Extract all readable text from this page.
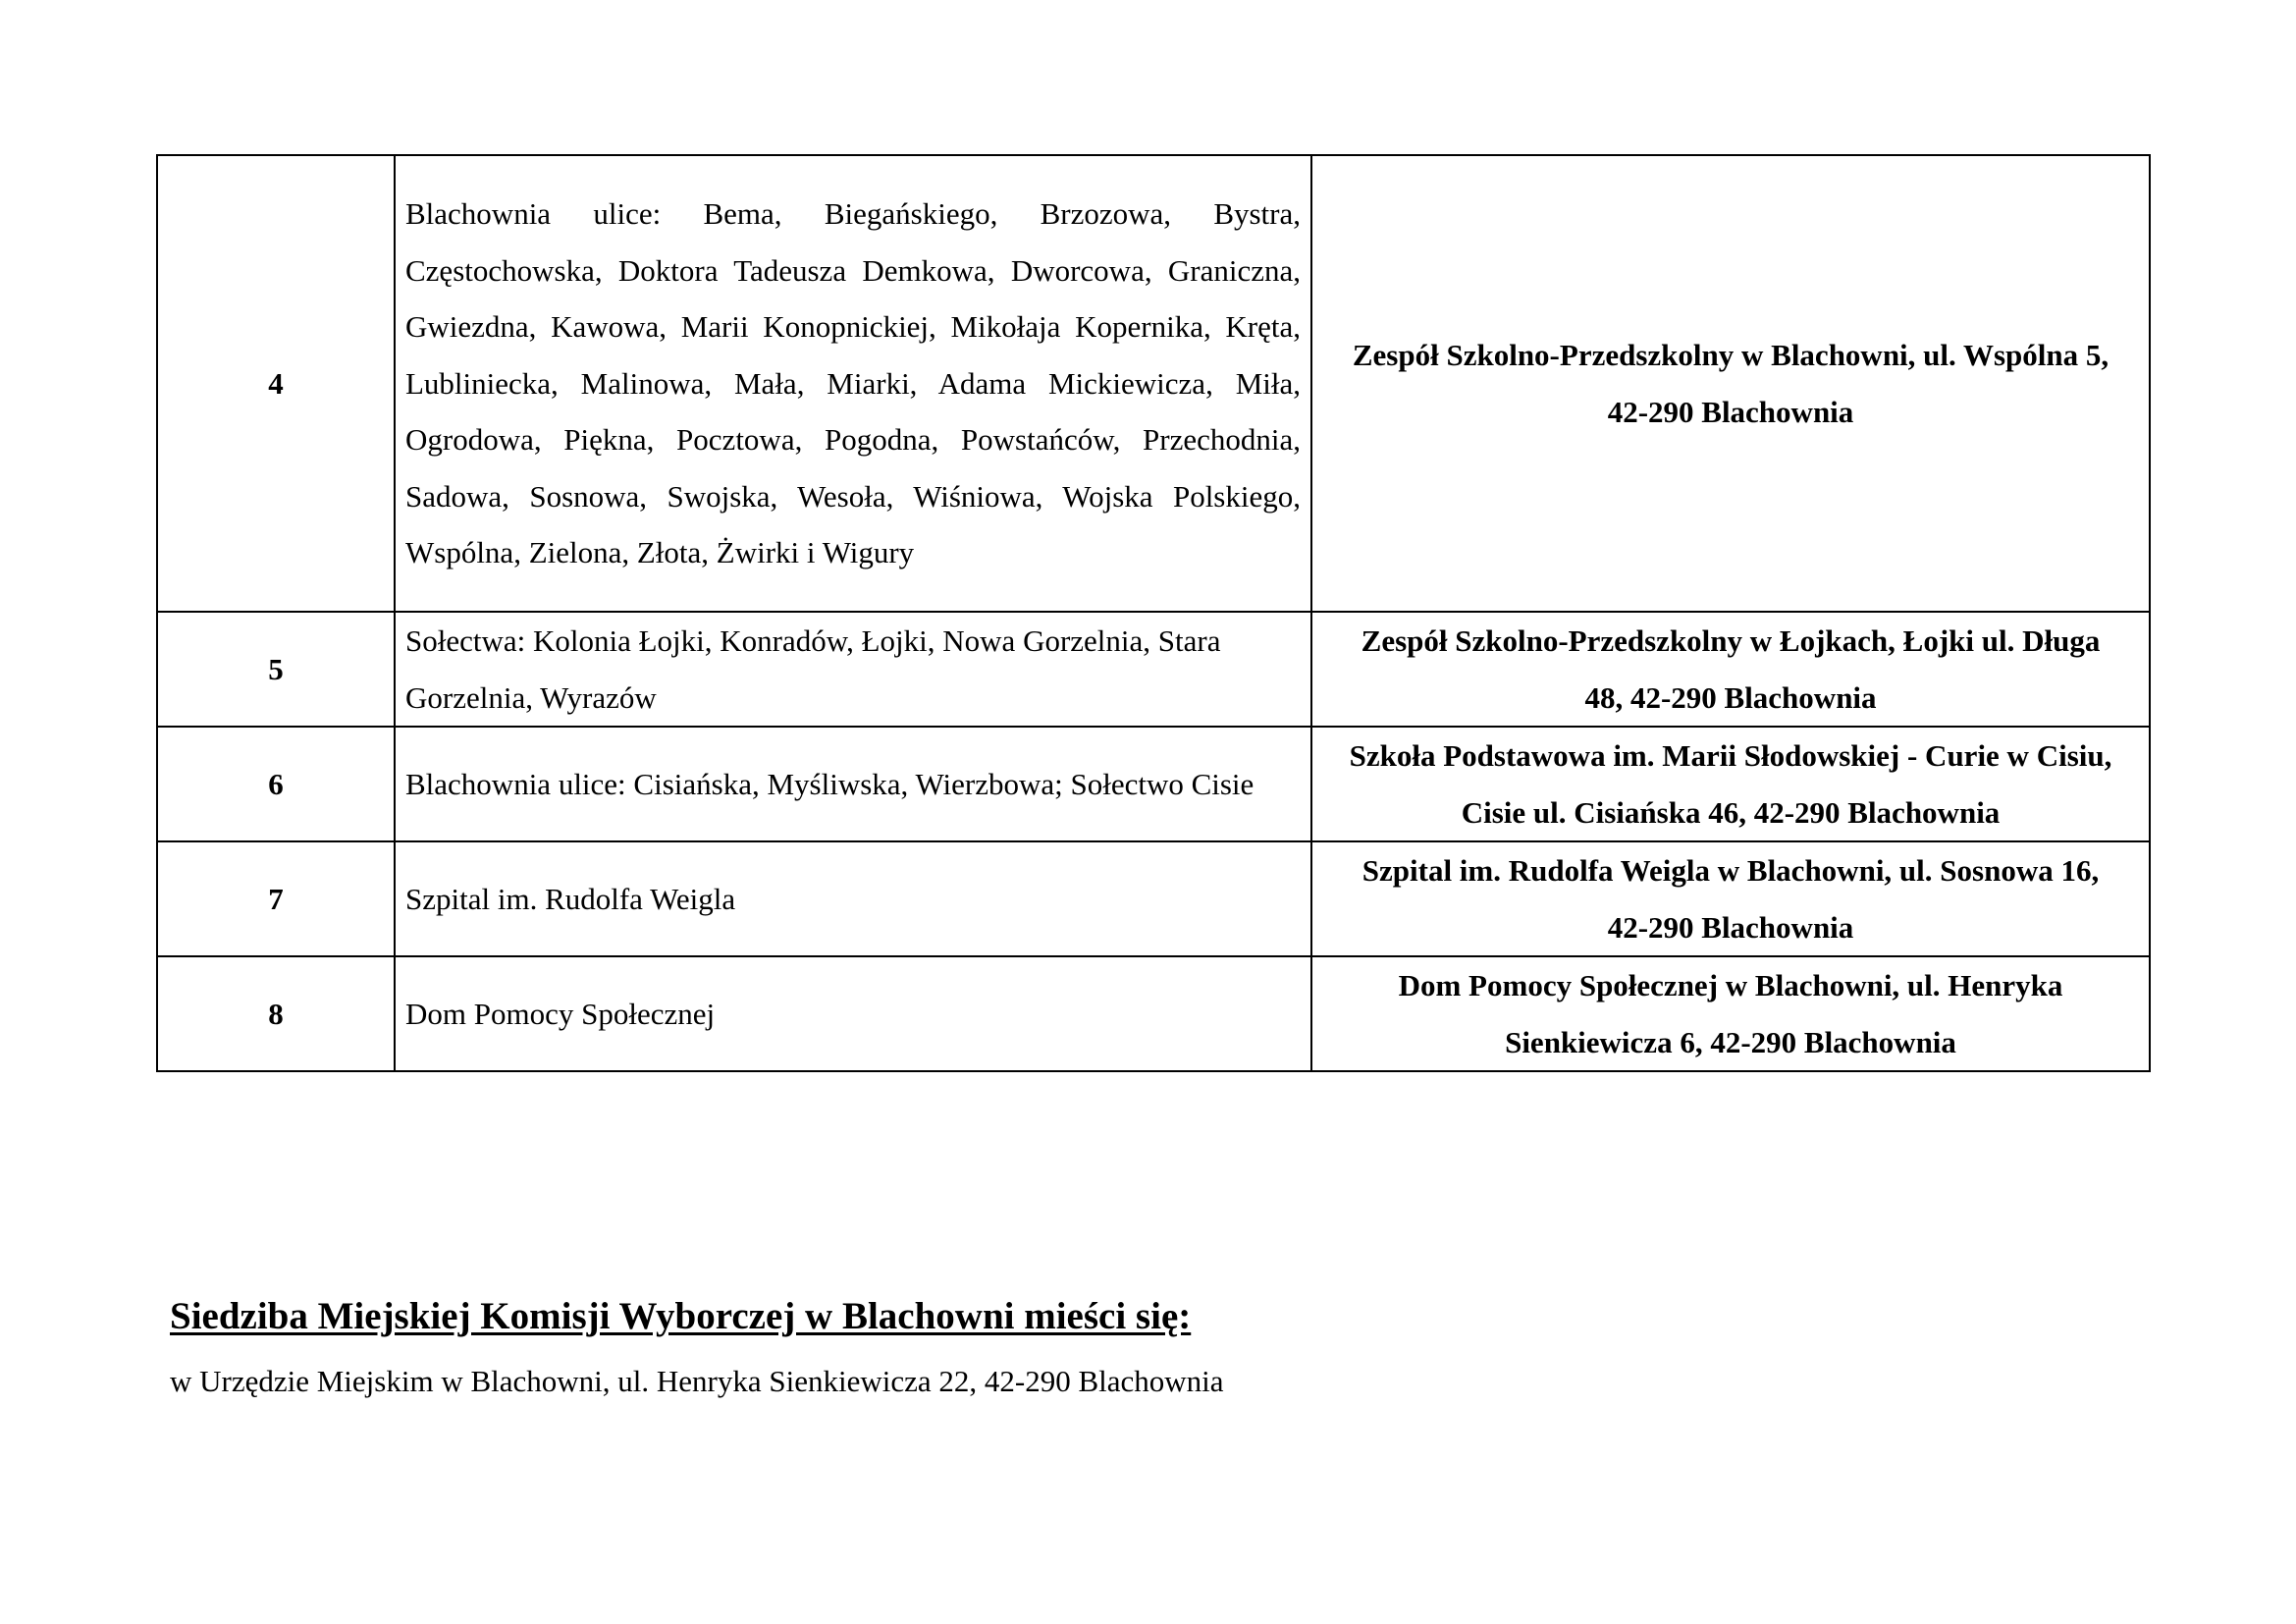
4	Blachownia ulice: Bema, Biegańskiego, Brzozowa, Bystra, Częstochowska, Doktora Tadeusza Demkowa, Dworcowa, Graniczna, Gwiezdna, Kawowa, Marii Konopnickiej, Mikołaja Kopernika, Kręta, Lubliniecka, Malinowa, Mała, Miarki, Adama Mickiewicza, Miła, Ogrodowa, Piękna, Pocztowa, Pogodna, Powstańców, Przechodnia, Sadowa, Sosnowa, Swojska, Wesoła, Wiśniowa, Wojska Polskiego, Wspólna, Zielona, Złota, Żwirki i Wigury	Zespół Szkolno-Przedszkolny w Blachowni, ul. Wspólna 5,
42-290 Blachownia
5	Sołectwa: Kolonia Łojki, Konradów, Łojki, Nowa Gorzelnia, Stara Gorzelnia, Wyrazów	Zespół Szkolno-Przedszkolny w Łojkach, Łojki ul. Długa
48, 42-290 Blachownia
6	Blachownia ulice: Cisiańska, Myśliwska, Wierzbowa; Sołectwo Cisie	Szkoła Podstawowa im. Marii Słodowskiej - Curie w Cisiu,
Cisie ul. Cisiańska 46, 42-290 Blachownia
7	Szpital im. Rudolfa Weigla	Szpital im. Rudolfa Weigla w Blachowni, ul. Sosnowa 16,
42-290 Blachownia
8	Dom Pomocy Społecznej	Dom Pomocy Społecznej w Blachowni, ul. Henryka
Sienkiewicza 6, 42-290 Blachownia
Siedziba Miejskiej Komisji Wyborczej w Blachowni mieści się:
w Urzędzie Miejskim w Blachowni, ul. Henryka Sienkiewicza 22, 42-290 Blachownia
